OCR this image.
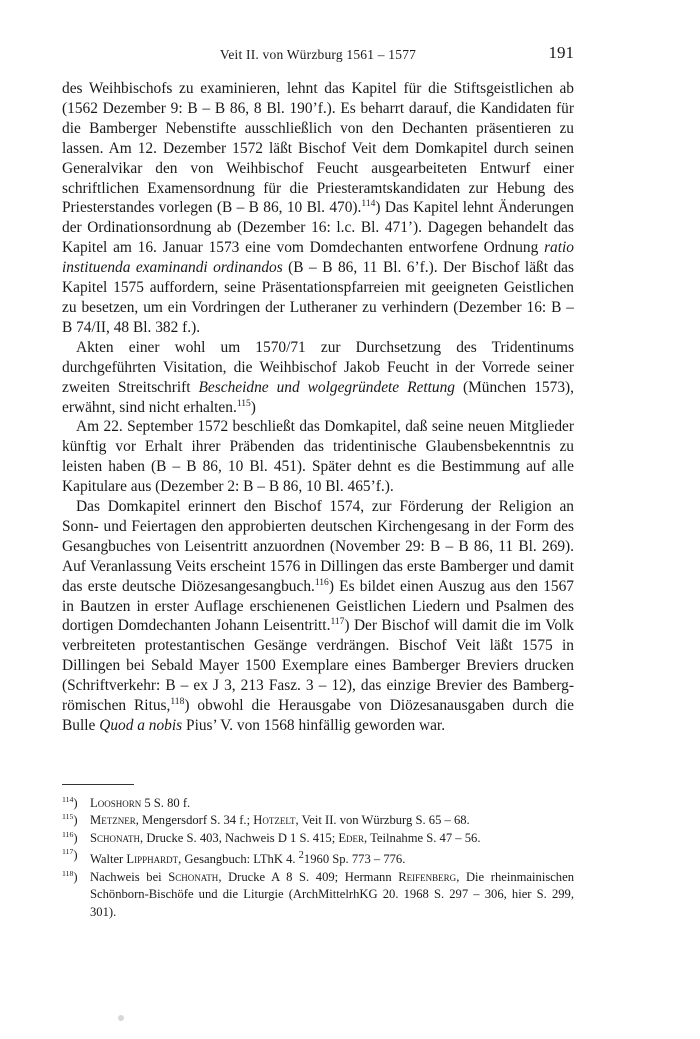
Veit II. von Würzburg 1561 – 1577	191

des Weihbischofs zu examinieren, lehnt das Kapitel für die Stiftsgeistlichen ab (1562 Dezember 9: B – B 86, 8 Bl. 190’f.). Es beharrt darauf, die Kandidaten für die Bamberger Nebenstifte ausschließlich von den Dechanten präsentieren zu lassen. Am 12. Dezember 1572 läßt Bischof Veit dem Domkapitel durch seinen Generalvikar den von Weihbischof Feucht ausgearbeiteten Entwurf einer schriftlichen Examensordnung für die Priesteramtskandidaten zur Hebung des Priesterstandes vorlegen (B – B 86, 10 Bl. 470).$^{114}$) Das Kapitel lehnt Änderungen der Ordinationsordnung ab (Dezember 16: l.c. Bl. 471’). Dagegen behandelt das Kapitel am 16. Januar 1573 eine vom Domdechanten entworfene Ordnung ratio instituenda examinandi ordinandos (B – B 86, 11 Bl. 6’f.). Der Bischof läßt das Kapitel 1575 auffordern, seine Präsentationspfarreien mit geeigneten Geistlichen zu besetzen, um ein Vordringen der Lutheraner zu verhindern (Dezember 16: B – B 74/II, 48 Bl. 382 f.).

Akten einer wohl um 1570/71 zur Durchsetzung des Tridentinums durchgeführten Visitation, die Weihbischof Jakob Feucht in der Vorrede seiner zweiten Streitschrift Bescheidne und wolgegründete Rettung (München 1573), erwähnt, sind nicht erhalten.$^{115}$)

Am 22. September 1572 beschließt das Domkapitel, daß seine neuen Mitglieder künftig vor Erhalt ihrer Präbenden das tridentinische Glaubensbekenntnis zu leisten haben (B – B 86, 10 Bl. 451). Später dehnt es die Bestimmung auf alle Kapitulare aus (Dezember 2: B – B 86, 10 Bl. 465’f.).

Das Domkapitel erinnert den Bischof 1574, zur Förderung der Religion an Sonn- und Feiertagen den approbierten deutschen Kirchengesang in der Form des Gesangbuches von Leisentritt anzuordnen (November 29: B – B 86, 11 Bl. 269). Auf Veranlassung Veits erscheint 1576 in Dillingen das erste Bamberger und damit das erste deutsche Diözesangesangbuch.$^{116}$) Es bildet einen Auszug aus den 1567 in Bautzen in erster Auflage erschienenen Geistlichen Liedern und Psalmen des dortigen Domdechanten Johann Leisentritt.$^{117}$) Der Bischof will damit die im Volk verbreiteten protestantischen Gesänge verdrängen. Bischof Veit läßt 1575 in Dillingen bei Sebald Mayer 1500 Exemplare eines Bamberger Breviers drucken (Schriftverkehr: B – ex J 3, 213 Fasz. 3 – 12), das einzige Brevier des Bamberg-römischen Ritus,$^{118}$) obwohl die Herausgabe von Diözesanausgaben durch die Bulle Quod a nobis Pius’ V. von 1568 hinfällig geworden war.

$^{114}$) Looshorn 5 S. 80 f.
$^{115}$) Metzner, Mengersdorf S. 34 f.; Hotzelt, Veit II. von Würzburg S. 65 – 68.
$^{116}$) Schonath, Drucke S. 403, Nachweis D 1 S. 415; Eder, Teilnahme S. 47 – 56.
$^{117}$) Walter Lipphardt, Gesangbuch: LThK 4. $^2$1960 Sp. 773 – 776.
$^{118}$) Nachweis bei Schonath, Drucke A 8 S. 409; Hermann Reifenberg, Die rheinmainischen Schönborn-Bischöfe und die Liturgie (ArchMittelrhKG 20. 1968 S. 297 – 306, hier S. 299, 301).
